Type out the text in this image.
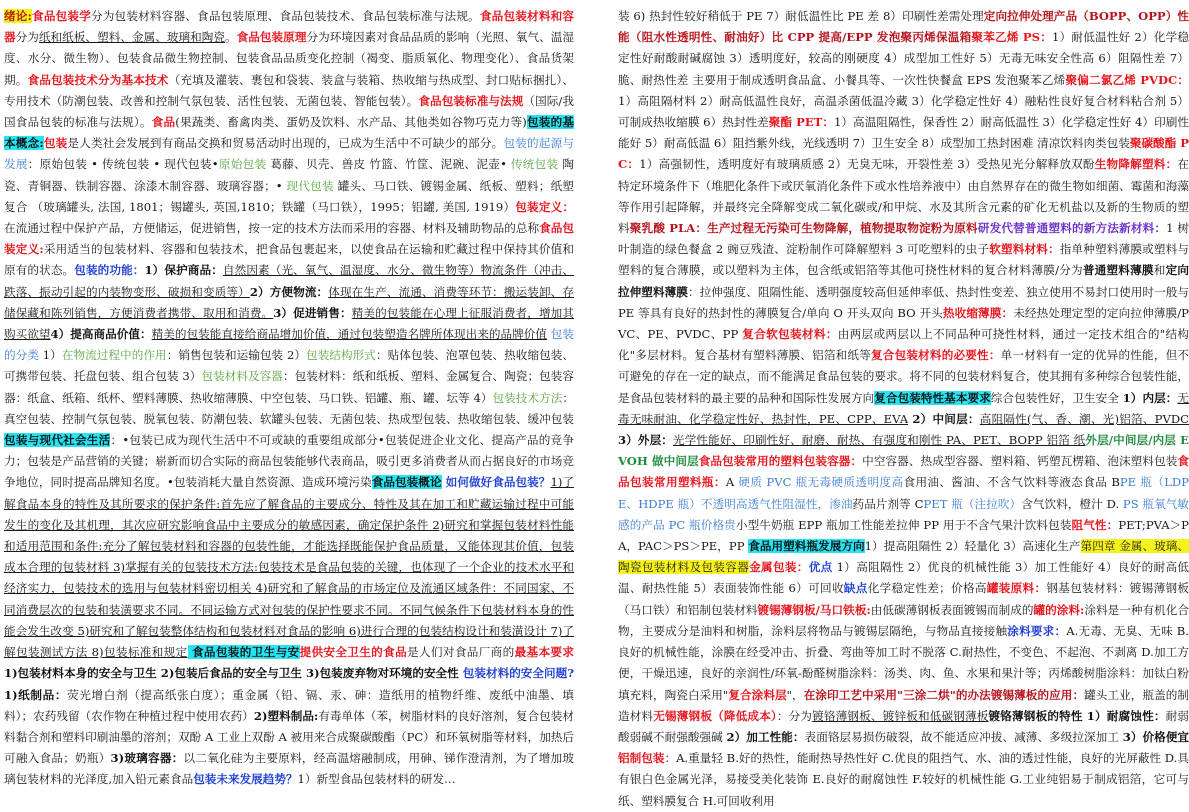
绪论:食品包装学分为包装材料容器、食品包装原理、食品包装技术、食品包装标准与法规。食品包装材料和容器分为纸和纸板、塑料、金属、玻璃和陶瓷。食品包装原理分为环境因素对食品品质的影响（光照、氧气、温湿度、水分、微生物）、包装食品微生物控制、包装食品品质变化控制（褐变、脂质氧化、物理变化）、食品货架期。食品包装技术分为基本技术（充填及灌装、裹包和袋装、装盒与装箱、热收缩与热成型、封口贴标捆扎）、专用技术（防潮包装、改善和控制气氛包装、活性包装、无菌包装、智能包装）。食品包装标准与法规（国际/我国食品包装的标准与法规）。食品(果蔬类、畜禽肉类、蛋奶及饮料、水产品、其他类如谷物巧克力等)包装的基本概念:包装是人类社会发展到有商品交换和贸易活动时出现的，已成为生活中不可缺少的部分。包装的起源与发展：原始包装 • 传统包装 • 现代包装•原始包装 葛藤、贝壳、兽皮 竹篮、竹筐、泥碗、泥壶• 传统包装 陶瓷、青铜器、铁制容器、涂漆木制容器、玻璃容器；• 现代包装 罐头、马口铁、镀锡金属、纸板、塑料；纸塑复合 （玻璃罐头, 法国, 1801；锡罐头, 英国,1810；铁罐（马口铁），1995；铝罐, 美国, 1919）包装定义：在流通过程中保护产品，方便储运，促进销售，按一定的技术方法而采用的容器、材料及辅助物品的总称食品包装定义:采用适当的包装材料、容器和包装技术，把食品包裹起来，以使食品在运输和贮藏过程中保持其价值和原有的状态。包装的功能：1）保护商品：自然因素（光、氧气、温湿度、水分、微生物等）物流条件（冲击、跌落、振动引起的内装物变形、破损和变质等）2）方便物流：体现在生产、流通、消费等环节：搬运装卸、存储保藏和陈列销售，方便消费者携带、取用和消费。3）促进销售：精美的包装能在心理上征服消费者，增加其购买欲望4）提高商品价值：精美的包装能直接给商品增加价值，通过包装塑造名牌所体现出来的品牌价值 包装的分类 1）在物流过程中的作用：销售包装和运输包装 2）包装结构形式：贴体包装、泡罩包装、热收缩包装、可携带包装、托盘包装、组合包装 3）包装材料及容器：包装材料：纸和纸板、塑料、金属复合、陶瓷；包装容器：纸盒、纸箱、纸杯、塑料薄膜、热收缩薄膜、中空包装、马口铁、铝罐、瓶、罐、坛等 4）包装技术方法：真空包装、控制气氛包装、脱氧包装、防潮包装、软罐头包装、无菌包装、热成型包装、热收缩包装、缓冲包装包装与现代社会生活：•包装已成为现代生活中不可或缺的重要组成部分•包装促进企业文化、提高产品的竞争力；包装是产品营销的关键；崭新而切合实际的商品包装能够代表商品，吸引更多消费者从而占据良好的市场竞争地位，同时提高品牌知名度。•包装消耗大量自然资源、造成环境污染食品包装概论 如何做好食品包装？1)了解食品本身的特性及其所要求的保护条件:首先应了解食品的主要成分、特性及其在加工和贮藏运输过程中可能发生的变化及其机理，其次应研究影响食品中主要成分的敏感因素，确定保护条件 2)研究和掌握包装材料性能和适用范围和条件:充分了解包装材料和容器的包装性能，才能选择既能保护食品质量，又能体现其价值，包装成本合理的包装材料 3)掌握有关的包装技术方法:包装技术是食品包装的关键，也体现了一个企业的技术水平和经济实力，包装技术的选用与包装材料密切相关 4)研究和了解食品的市场定位及流通区域条件：不同国家、不同消费层次的包装和装潢要求不同。不同运输方式对包装的保护性要求不同。不同气候条件下包装材料本身的性能会发生改变 5)研究和了解包装整体结构和包装材料对食品的影响 6)进行合理的包装结构设计和装潢设计 7)了解包装测试方法 8)包装标准和规定 食品包装的卫生与安提供安全卫生的食品是人们对食品厂商的最基本要求 1)包装材料本身的安全与卫生 2)包装后食品的安全与卫生 3)包装废弃物对环境的安全性 包装材料的安全问题? 1)纸制品：荧光增白剂（提高纸张白度）；重金属（铅、镉、汞、砷：造纸用的植物纤维、废纸中油墨、填料）；农药残留（农作物在种植过程中使用农药）2)塑料制品:有毒单体（苯，树脂材料的良好溶剂，复合包装材料黏合剂和塑料印刷油墨的溶剂；双酚 A 工业上双酚 A 被用来合成聚碳酸酯（PC）和环氧树脂等材料，加热后可融入食品；奶瓶）3)玻璃容器：以二氧化硅为主要原料，经高温熔融制成，用砷、锑作澄清剂，为了增加玻璃包装材料的光泽度,加入铅元素食品包装未来发展趋势？1）新型食品包装材料的研发…
装 6) 热封性较好稍低于 PE 7）耐低温性比 PE 差 8）印刷性差需处理定向拉伸处理产品（BOPP、OPP）性能（阻水性透明性、耐油好）比 CPP 提高/EPP 发泡聚丙烯保温箱聚苯乙烯 PS：1）耐低温性好 2）化学稳定性好耐酸耐碱腐蚀 3）透明度好，较高的刚硬度 4）成型加工性好 5）无毒无味安全性高 6）阻隔性差 7）脆、耐热性差 主要用于制成透明食品盒、小餐具等、一次性快餐盒 EPS 发泡聚苯乙烯聚偏二氯乙烯 PVDC：1）高阻隔材料 2）耐高低温性良好，高温杀菌低温冷藏 3）化学稳定性好 4）融粘性良好复合材料粘合剂 5）可制成热收缩膜 6）热封性差聚酯 PET：1）高温阻隔性，保香性 2）耐高低温性 3）化学稳定性好 4）印刷性能好 5）耐高低温 6）阻挡紫外线，光线透明 7）卫生安全 8）成型加工热封困难 清凉饮料肉类包装聚碳酸酯 PC：1）高强韧性，透明度好有玻璃质感 2）无臭无味，开裂性差 3）受热见光分解释放双酚生物降解塑料：在特定环境条件下（堆肥化条件下或厌氧消化条件下或水性培养液中）由自然界存在的微生物如细菌、霉菌和海藻等作用引起降解，并最终完全降解变成二氧化碳或/和甲烷、水及其所含元素的矿化无机盐以及新的生物质的塑料聚乳酸 PLA：生产过程无污染可生物降解，植物提取物淀粉为原料研发代替普通塑料的新方法新材料：1 树叶制造的绿色餐盒 2 豌豆残渣、淀粉制作可降解塑料 3 可吃塑料的虫子软塑料材料：指单种塑料薄膜或塑料与塑料的复合薄膜，或以塑料为主体，包含纸或铝箔等其他可挠性材料的复合材料薄膜/分为普通塑料薄膜和定向拉伸塑料薄膜：拉伸强度、阻隔性能、透明强度较高但延伸率低、热封性变差、独立使用不易封口使用时一般与 PE 等具有良好的热封性的薄膜复合/单向 O 开头双向 BO 开头热收缩薄膜：未经热处理定型的定向拉伸薄膜/PVC、PE、PVDC、PP 复合软包装材料：由两层或两层以上不同品种可挠性材料，通过一定技术组合的"结构化"多层材料。复合基材有塑料薄膜、铝箔和纸等复合包装材料的必要性：单一材料有一定的优异的性能，但不可避免的存在一定的缺点，而不能满足食品包装的要求。将不同的包装材料复合，使其拥有多种综合包装性能，是食品包装材料的最主要的品种和国际性发展方向复合包装特性基本要求综合包装性好，卫生安全 1）内层：无毒无味耐油、化学稳定性好、热封性，PE、CPP、EVA 2）中间层：高阻隔性(气、香、潮、光)铝箔、PVDC 3）外层：光学性能好、印刷性好、耐磨、耐热、有强度和刚性 PA、PET、BOPP 铝箔 纸外层/中间层/内层 EVOH 做中间层食品包装常用的塑料包装容器：中空容器、热成型容器、塑料箱、钙塑瓦楞箱、泡沫塑料包装食品包装常用塑料瓶：A 硬质 PVC 瓶无毒硬质透明度高食用油、酱油、不含气饮料等液态食品 BPE 瓶（LDPE、HDPE 瓶）不透明高透气性阻湿性，渗油药品片剂等 CPET 瓶（注拉吹）含气饮料，橙汁 D. PS 瓶氧气敏感的产品 PC 瓶价格贵小型牛奶瓶 EPP 瓶加工性能差拉伸 PP 用于不含气果汁饮料包装阻气性：PET;PVA＞PA，PAC＞PS＞PE，PP 食品用塑料瓶发展方向1）提高阻隔性 2）轻量化 3）高速化生产第四章 金属、玻璃、陶瓷包装材料及包装容器金属包装：优点 1）高阻隔性 2）优良的机械性能 3）加工性能好 4）良好的耐高低温、耐热性能 5）表面装饰性能 6）可回收缺点化学稳定性差；价格高罐装原料：钢基包装材料：镀锡薄钢板（马口铁）和铝制包装材料镀锡薄钢板/马口铁板:由低碳薄钢板表面镀锡而制成的罐的涂料:涂料是一种有机化合物，主要成分是油料和树脂，涂料层将物品与镀锡层隔绝，与物品直接接触涂料要求：A.无毒、无臭、无味 B.良好的机械性能，涂膜在经受冲击、折叠、弯曲等加工时不脱落 C.耐热性，不变色、不起泡、不剥离 D.加工方便，干燥迅速，良好的亲润性/环氧-酚醛树脂涂料：汤类、肉、鱼、水果和果汁等；丙烯酸树脂涂料：加钛白粉填充料，陶瓷白采用"复合涂料层"，在涂印工艺中采用"三涂二烘"的办法镀锡薄板的应用：罐头工业，瓶盖的制造材料无锡薄钢板（降低成本）：分为镀铬薄钢板、镀锌板和低碳钢薄板镀铬薄钢板的特性 1）耐腐蚀性：耐弱酸弱碱不耐强酸强碱 2）加工性能：表面铬层易损伤破裂，故不能适应冲拔、减薄、多级拉深加工 3）价格便宜铝制包装：A.重量轻 B.好的热性，能耐热导热性好 C.优良的阻挡气、水、油的透过性能，良好的光屏蔽性 D.具有银白色金属光泽，易接受美化装饰 E.良好的耐腐蚀性 F.较好的机械性能 G.工业纯铝易于制成铝箔，它可与纸、塑料膜复合 H.可回收利用
